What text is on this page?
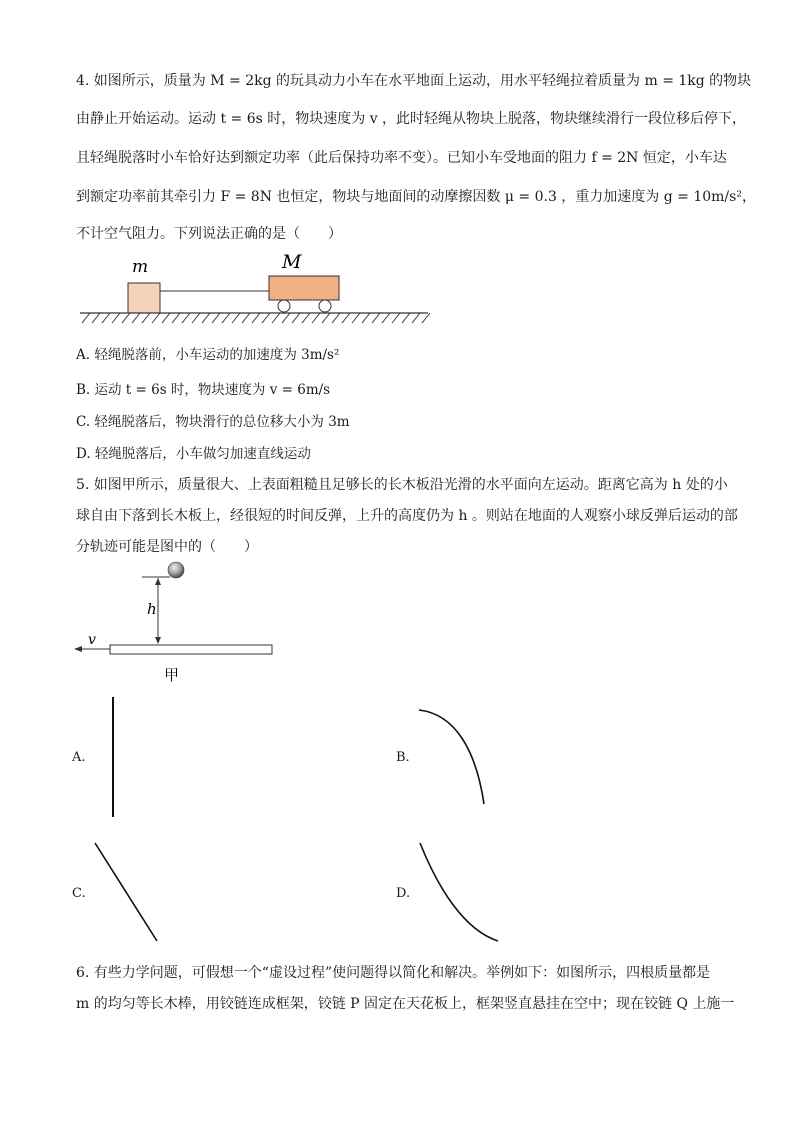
4. 如图所示，质量为 M = 2kg 的玩具动力小车在水平地面上运动，用水平轻绳拉着质量为 m = 1kg 的物块
由静止开始运动。运动 t = 6s 时，物块速度为 v ，此时轻绳从物块上脱落，物块继续滑行一段位移后停下，
且轻绳脱落时小车恰好达到额定功率（此后保持功率不变）。已知小车受地面的阻力 f = 2N 恒定，小车达
到额定功率前其牵引力 F = 8N 也恒定，物块与地面间的动摩擦因数 μ = 0.3 ，重力加速度为 g = 10m/s²，
不计空气阻力。下列说法正确的是（　　）
m	M
A. 轻绳脱落前，小车运动的加速度为 3m/s²
B. 运动 t = 6s 时，物块速度为 v = 6m/s
C. 轻绳脱落后，物块滑行的总位移大小为 3m
D. 轻绳脱落后，小车做匀加速直线运动
5. 如图甲所示，质量很大、上表面粗糙且足够长的长木板沿光滑的水平面向左运动。距离它高为 h 处的小
球自由下落到长木板上，经很短的时间反弹，上升的高度仍为 h 。则站在地面的人观察小球反弹后运动的部
分轨迹可能是图中的（　　）
h
v
甲
A.	B.
C.	D.
6. 有些力学问题，可假想一个“虚设过程”使问题得以简化和解决。举例如下：如图所示，四根质量都是
m 的均匀等长木棒，用铰链连成框架，铰链 P 固定在天花板上，框架竖直悬挂在空中；现在铰链 Q 上施一
